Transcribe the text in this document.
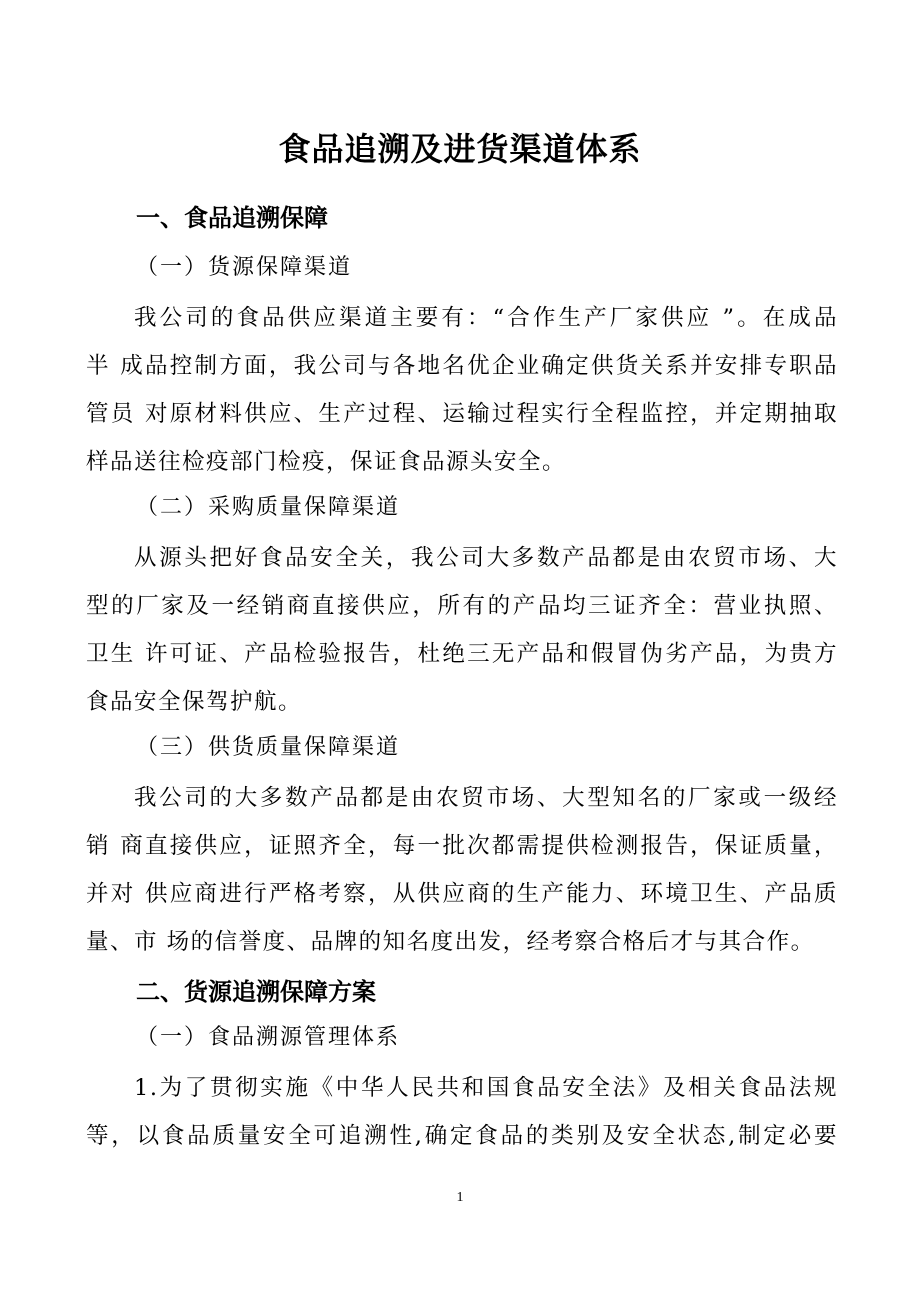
食品追溯及进货渠道体系
一、食品追溯保障
（一）货源保障渠道
我公司的食品供应渠道主要有：“合作生产厂家供应 ”。在成品
半 成品控制方面，我公司与各地名优企业确定供货关系并安排专职品
管员 对原材料供应、生产过程、运输过程实行全程监控，并定期抽取
样品送往检疫部门检疫，保证食品源头安全。
（二）采购质量保障渠道
从源头把好食品安全关，我公司大多数产品都是由农贸市场、大
型的厂家及一经销商直接供应，所有的产品均三证齐全：营业执照、
卫生 许可证、产品检验报告，杜绝三无产品和假冒伪劣产品，为贵方
食品安全保驾护航。
（三）供货质量保障渠道
我公司的大多数产品都是由农贸市场、大型知名的厂家或一级经
销 商直接供应，证照齐全，每一批次都需提供检测报告，保证质量，
并对 供应商进行严格考察，从供应商的生产能力、环境卫生、产品质
量、市 场的信誉度、品牌的知名度出发，经考察合格后才与其合作。
二、货源追溯保障方案
（一）食品溯源管理体系
1.为了贯彻实施《中华人民共和国食品安全法》及相关食品法规
等，以食品质量安全可追溯性,确定食品的类别及安全状态,制定必要
1
